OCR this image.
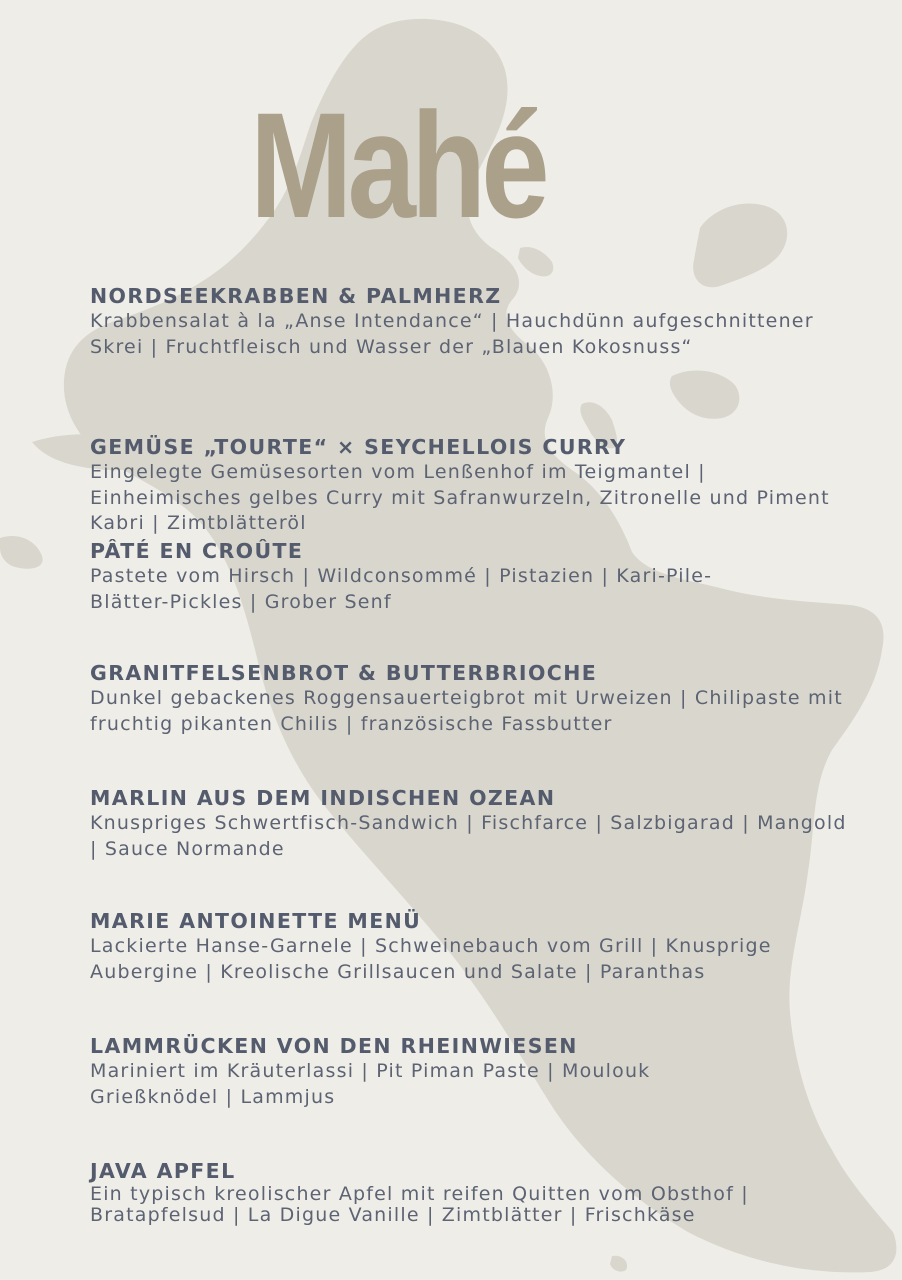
Mahé
NORDSEEKRABBEN & PALMHERZ

Krabbensalat à la „Anse Intendance“ | Hauchdünn aufgeschnittener Skrei | Fruchtfleisch und Wasser der „Blauen Kokosnuss“

GEMÜSE „TOURTE“ × SEYCHELLOIS CURRY

Eingelegte Gemüsesorten vom Lenßenhof im Teigmantel | Einheimisches gelbes Curry mit Safranwurzeln, Zitronelle und Piment Kabri | Zimtblätteröl

PÂTÉ EN CROÛTE

Pastete vom Hirsch | Wildconsommé | Pistazien | Kari-Pile-Blätter-Pickles | Grober Senf

GRANITFELSENBROT & BUTTERBRIOCHE

Dunkel gebackenes Roggensauerteigbrot mit Urweizen | Chilipaste mit fruchtig pikanten Chilis | französische Fassbutter

MARLIN AUS DEM INDISCHEN OZEAN

Knuspriges Schwertfisch-Sandwich | Fischfarce | Salzbigarad | Mangold | Sauce Normande

MARIE ANTOINETTE MENÜ

Lackierte Hanse-Garnele | Schweinebauch vom Grill | Knusprige Aubergine | Kreolische Grillsaucen und Salate | Paranthas

LAMMRÜCKEN VON DEN RHEINWIESEN

Mariniert im Kräuterlassi | Pit Piman Paste | Moulouk Grießknödel | Lammjus

JAVA APFEL

Ein typisch kreolischer Apfel mit reifen Quitten vom Obsthof | Bratapfelsud | La Digue Vanille | Zimtblätter | Frischkäse
